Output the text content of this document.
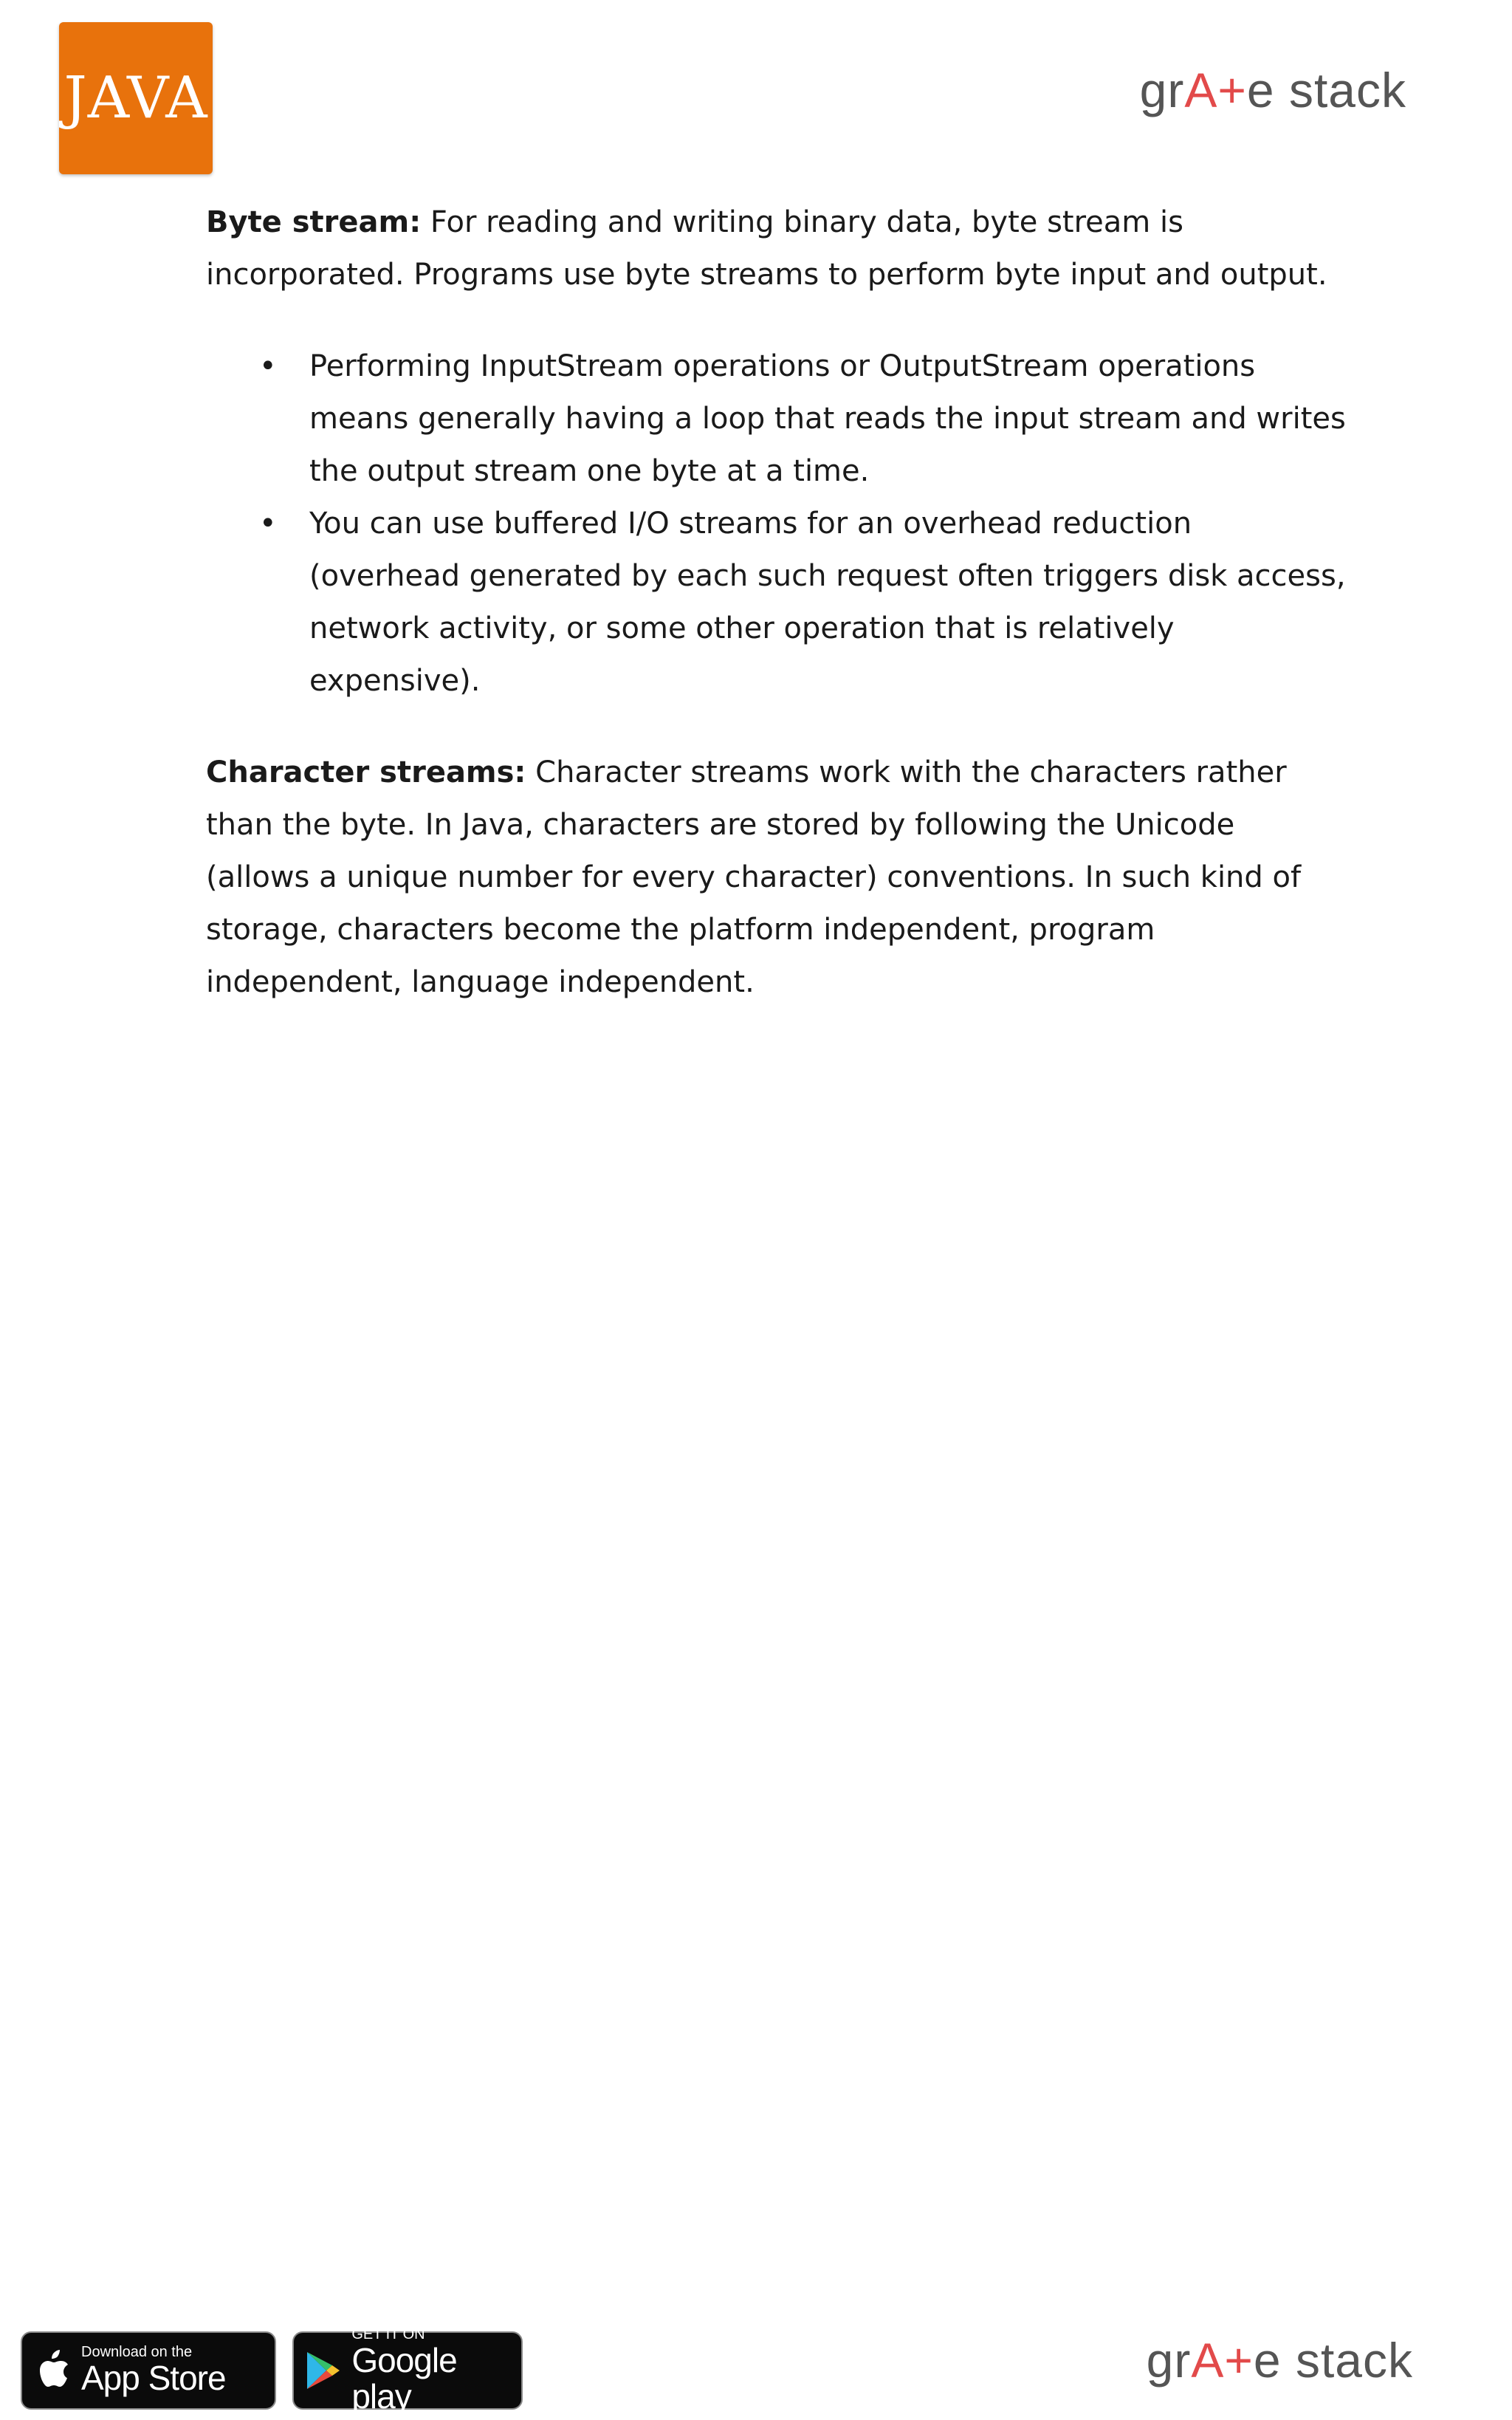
JAVA	grA+e stack

Byte stream: For reading and writing binary data, byte stream is
incorporated. Programs use byte streams to perform byte input and output.

• Performing InputStream operations or OutputStream operations
means generally having a loop that reads the input stream and writes
the output stream one byte at a time.
• You can use buffered I/O streams for an overhead reduction
(overhead generated by each such request often triggers disk access,
network activity, or some other operation that is relatively
expensive).

Character streams: Character streams work with the characters rather
than the byte. In Java, characters are stored by following the Unicode
(allows a unique number for every character) conventions. In such kind of
storage, characters become the platform independent, program
independent, language independent.

Download on the
App Store
GET IT ON
Google play
grA+e stack
